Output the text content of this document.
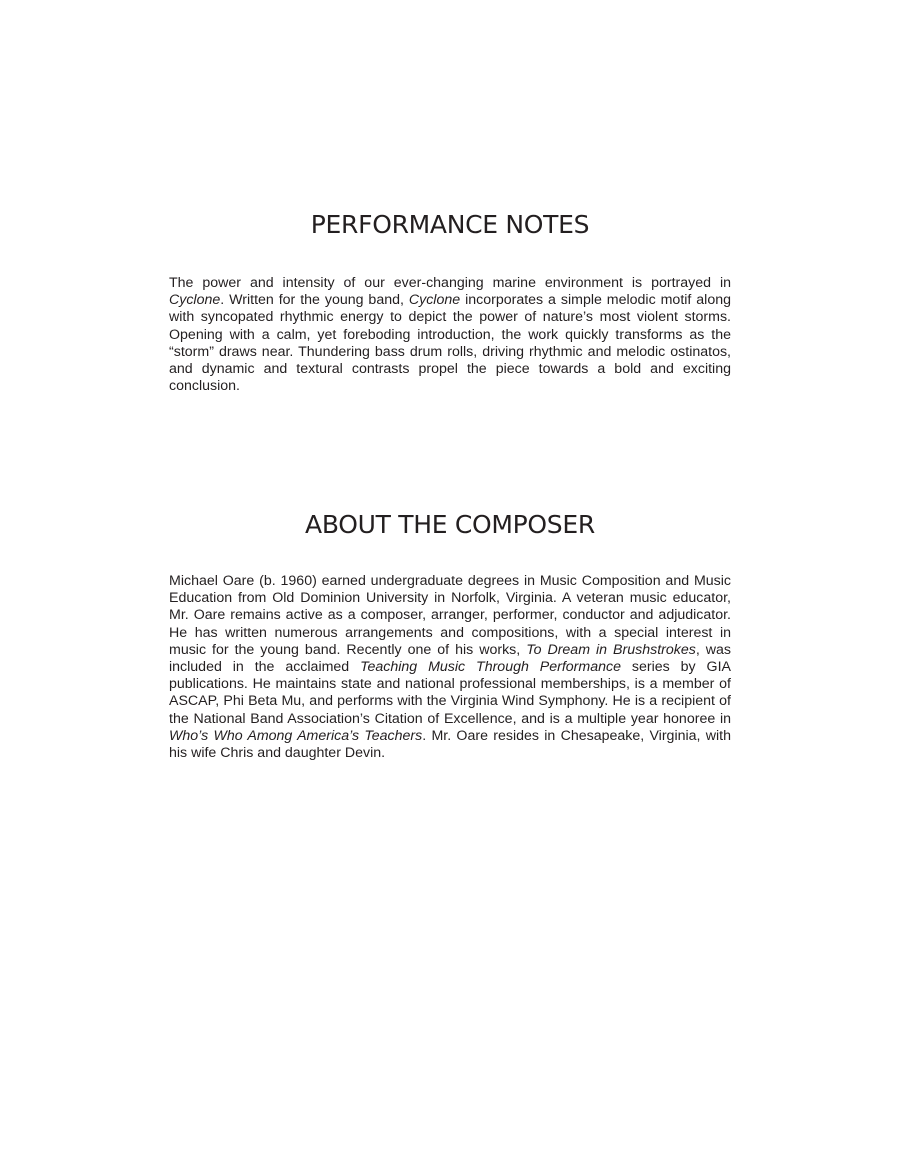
PERFORMANCE NOTES

The power and intensity of our ever-changing marine environment is portrayed in Cyclone. Written for the young band, Cyclone incorporates a simple melodic motif along with syncopated rhythmic energy to depict the power of nature’s most violent storms. Opening with a calm, yet foreboding introduction, the work quickly transforms as the “storm” draws near. Thundering bass drum rolls, driving rhythmic and melodic ostinatos, and dynamic and textural contrasts propel the piece towards a bold and exciting conclusion.

ABOUT THE COMPOSER

Michael Oare (b. 1960) earned undergraduate degrees in Music Composition and Music Education from Old Dominion University in Norfolk, Virginia. A veteran music educator, Mr. Oare remains active as a composer, arranger, performer, conductor and adjudicator. He has written numerous arrangements and compositions, with a special interest in music for the young band. Recently one of his works, To Dream in Brushstrokes, was included in the acclaimed Teaching Music Through Performance series by GIA publications. He maintains state and national professional memberships, is a member of ASCAP, Phi Beta Mu, and performs with the Virginia Wind Symphony. He is a recipient of the National Band Association’s Citation of Excellence, and is a multiple year honoree in Who’s Who Among America’s Teachers. Mr. Oare resides in Chesapeake, Virginia, with his wife Chris and daughter Devin.
